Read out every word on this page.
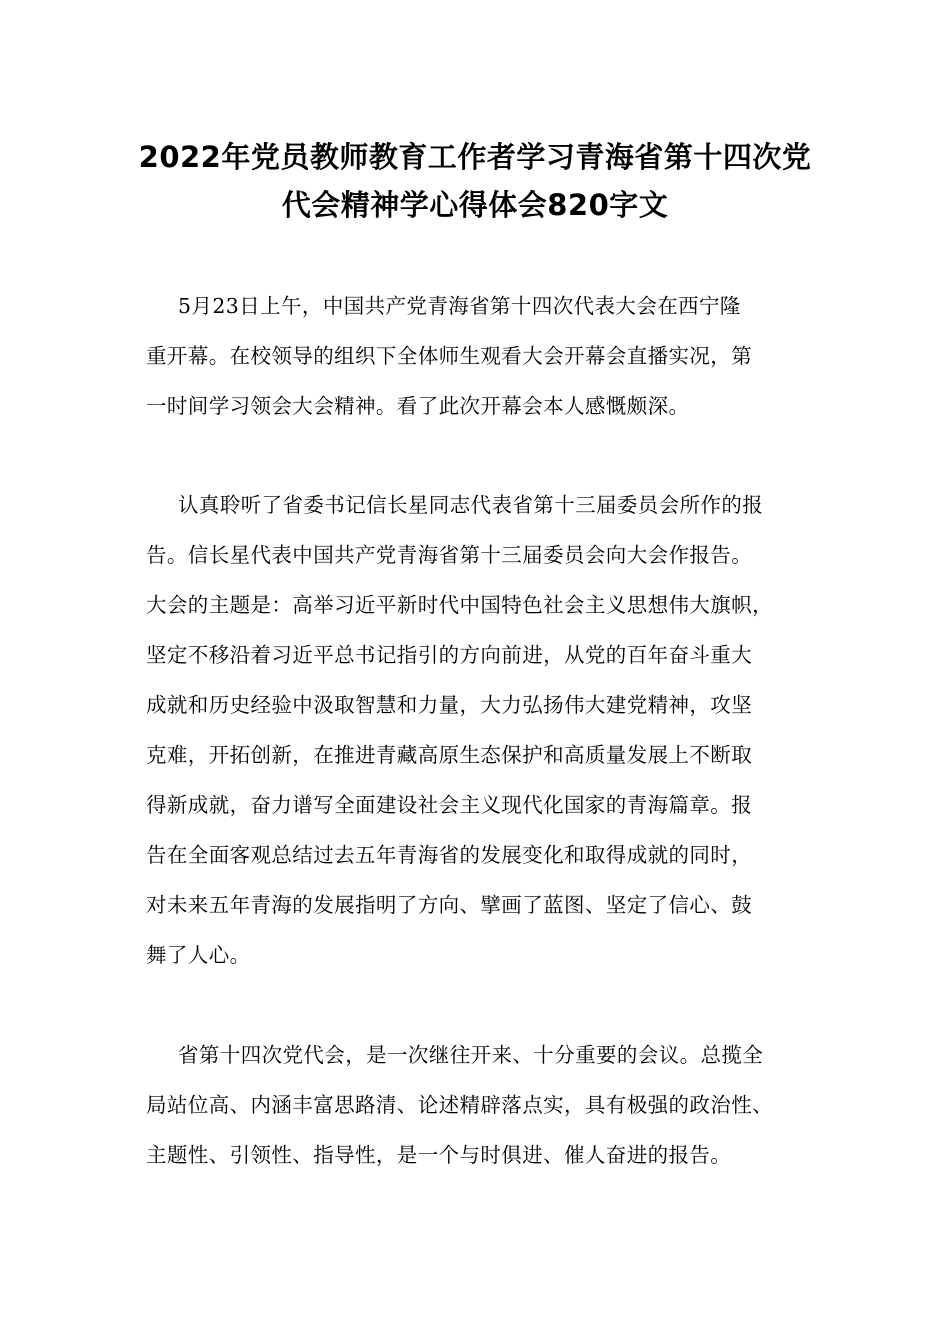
2022年党员教师教育工作者学习青海省第十四次党
代会精神学心得体会820字文
5月23日上午，中国共产党青海省第十四次代表大会在西宁隆
重开幕。在校领导的组织下全体师生观看大会开幕会直播实况，第
一时间学习领会大会精神。看了此次开幕会本人感慨颇深。
认真聆听了省委书记信长星同志代表省第十三届委员会所作的报
告。信长星代表中国共产党青海省第十三届委员会向大会作报告。
大会的主题是：高举习近平新时代中国特色社会主义思想伟大旗帜，
坚定不移沿着习近平总书记指引的方向前进，从党的百年奋斗重大
成就和历史经验中汲取智慧和力量，大力弘扬伟大建党精神，攻坚
克难，开拓创新，在推进青藏高原生态保护和高质量发展上不断取
得新成就，奋力谱写全面建设社会主义现代化国家的青海篇章。报
告在全面客观总结过去五年青海省的发展变化和取得成就的同时，
对未来五年青海的发展指明了方向、擘画了蓝图、坚定了信心、鼓
舞了人心。
省第十四次党代会，是一次继往开来、十分重要的会议。总揽全
局站位高、内涵丰富思路清、论述精辟落点实，具有极强的政治性、
主题性、引领性、指导性，是一个与时俱进、催人奋进的报告。
